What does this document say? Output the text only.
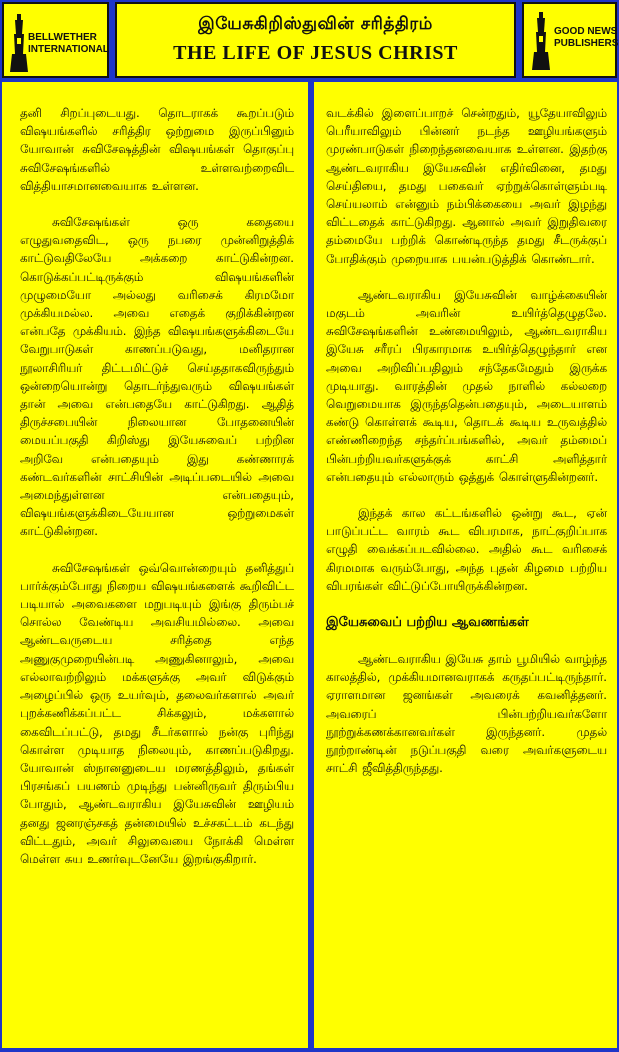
BELLWETHER
INTERNATIONAL
இயேசுகிறிஸ்துவின் சரித்திரம்
THE LIFE OF JESUS CHRIST
GOOD NEWS
PUBLISHERS

தனி சிறப்புடையது. தொடராகக் கூறப்படும் விஷயங்களில் சரித்திர ஒற்றுமை இருப்பினும் யோவான் சுவிசேஷத்தின் விஷயங்கள் தொகுப்பு சுவிசேஷங்களில் உள்ளவற்றைவிட வித்தியாசமானவையாக உள்ளன.

சுவிசேஷங்கள் ஒரு கதையை எழுதுவதைவிட, ஒரு நபரை முன்னிறுத்திக் காட்டுவதிலேயே அக்கறை காட்டுகின்றன. கொடுக்கப்பட்டிருக்கும் விஷயங்களின் முழுமையோ அல்லது வரிசைக் கிரமமோ முக்கியமல்ல. அவை எதைக் குறிக்கின்றன என்பதே முக்கியம். இந்த விஷயங்களுக்கிடையே வேறுபாடுகள் காணப்படுவது, மனிதரான நூலாசிரியர் திட்டமிட்டுச் செய்ததாகவிருந்தும் ஒன்றையொன்று தொடர்ந்துவரும் விஷயங்கள் தான் அவை என்பதையே காட்டுகிறது. ஆதித் திருச்சபையின் நிலையான போதனையின் மையப்பகுதி கிறிஸ்து இயேசுவைப் பற்றின அறிவே என்பதையும் இது கண்ணாரக் கண்டவர்களின் சாட்சியின் அடிப்படையில் அவை அமைந்துள்ளன என்பதையும், விஷயங்களுக்கிடையேயான ஒற்றுமைகள் காட்டுகின்றன.

சுவிசேஷங்கள் ஒவ்வொன்றையும் தனித்துப் பார்க்கும்போது நிறைய விஷயங்களைக் கூறிவிட்ட படியால் அவைகளை மறுபடியும் இங்கு திரும்பச் சொல்ல வேண்டிய அவசியமில்லை. அவை ஆண்டவருடைய சரித்தை எந்த அணுகுமுறையின்படி அணுகினாலும், அவை எல்லாவற்றிலும் மக்களுக்கு அவர் விடுக்கும் அழைப்பில் ஒரு உயர்வும், தலைவர்களால் அவர் புறக்கணிக்கப்பட்ட சிக்கலும், மக்களால் கைவிடப்பட்டு, தமது சீடர்களால் நன்கு புரிந்து கொள்ள முடியாத நிலையும், காணப்படுகிறது. யோவான் ஸ்நானனுடைய மரணத்திலும், தங்கள் பிரசங்கப் பயணம் முடிந்து பன்னிருவர் திரும்பிய போதும், ஆண்டவராகிய இயேசுவின் ஊழியம் தனது ஜனரஞ்சகத் தன்மையில் உச்சகட்டம் கடந்து விட்டதும், அவர் சிலுவையை நோக்கி மெள்ள மெள்ள சுய உணர்வுடனேயே இறங்குகிறார்.

வடக்கில் இளைப்பாறச் சென்றதும், யூதேயாவிலும் பெரீயாவிலும் பின்னர் நடந்த ஊழியங்களும் முரண்பாடுகள் நிறைந்தனவையாக உள்ளன. இதற்கு ஆண்டவராகிய இயேசுவின் எதிர்வினை, தமது செய்தியை, தமது பகைவர் ஏற்றுக்கொள்ளும்படி செய்யலாம் என்னும் நம்பிக்கையை அவர் இழந்து விட்டதைக் காட்டுகிறது. ஆனால் அவர் இறுதிவரை தம்மையே பற்றிக் கொண்டிருந்த தமது சீடருக்குப் போதிக்கும் முறையாக பயன்படுத்திக் கொண்டார்.

ஆண்டவராகிய இயேசுவின் வாழ்க்கையின் மகுடம் அவரின் உயிர்த்தெழுதலே. சுவிசேஷங்களின் உண்மையிலும், ஆண்டவராகிய இயேசு சரீரப் பிரகாரமாக உயிர்த்தெழுந்தார் என அவை அறிவிப்பதிலும் சந்தேகமேதும் இருக்க முடியாது. வாரத்தின் முதல் நாளில் கல்லறை வெறுமையாக இருந்ததென்பதையும், அடையாளம் கண்டு கொள்ளக் கூடிய, தொடக் கூடிய உருவத்தில் எண்ணிறைந்த சந்தர்ப்பங்களில், அவர் தம்மைப் பின்பற்றியவர்களுக்குக் காட்சி அளித்தார் என்பதையும் எல்லாரும் ஒத்துக் கொள்ளுகின்றனர்.

இந்தக் கால கட்டங்களில் ஒன்று கூட, ஏன் பாடுப்பட்ட வாரம் கூட விபரமாக, நாட்குறிப்பாக எழுதி வைக்கப்படவில்லை. அதில் கூட வரிசைக் கிரமமாக வரும்போது, அந்த புதன் கிழமை பற்றிய விபரங்கள் விட்டுப்போயிருக்கின்றன.

இயேசுவைப் பற்றிய ஆவணங்கள்

ஆண்டவராகிய இயேசு தாம் பூமியில் வாழ்ந்த காலத்தில், முக்கியமானவராகக் கருதப்பட்டிருந்தார். ஏராளமான ஜனங்கள் அவரைக் கவனித்தனர். அவரைப் பின்பற்றியவர்களோ நூற்றுக்கணக்கானவர்கள் இருந்தனர். முதல் நூற்றாண்டின் நடுப்பகுதி வரை அவர்களுடைய சாட்சி ஜீவித்திருந்தது.
